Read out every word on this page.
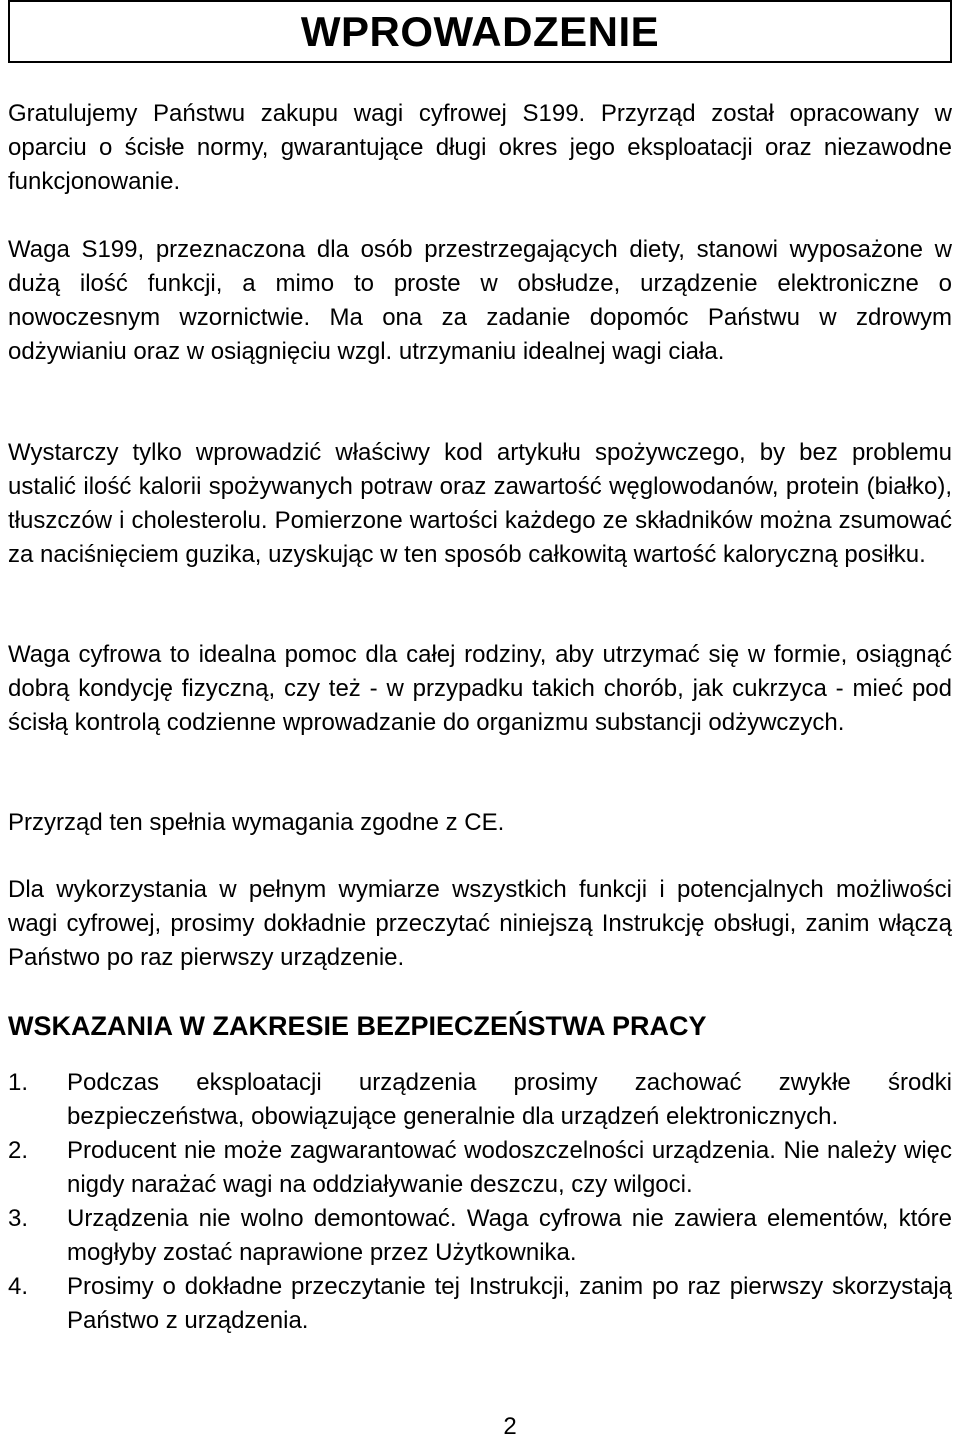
WPROWADZENIE

Gratulujemy Państwu zakupu wagi cyfrowej S199. Przyrząd został opracowany w oparciu o ścisłe normy, gwarantujące długi okres jego eksploatacji oraz niezawodne funkcjonowanie.

Waga S199, przeznaczona dla osób przestrzegających diety, stanowi wyposażone w dużą ilość funkcji, a mimo to proste w obsłudze, urządzenie elektroniczne o nowoczesnym wzornictwie. Ma ona za zadanie dopomóc Państwu w zdrowym odżywianiu oraz w osiągnięciu wzgl. utrzymaniu idealnej wagi ciała.

Wystarczy tylko wprowadzić właściwy kod artykułu spożywczego, by bez problemu ustalić ilość kalorii spożywanych potraw oraz zawartość węglowodanów, protein (białko), tłuszczów i cholesterolu. Pomierzone wartości każdego ze składników można zsumować za naciśnięciem guzika, uzyskując w ten sposób całkowitą wartość kaloryczną posiłku.

Waga cyfrowa to idealna pomoc dla całej rodziny, aby utrzymać się w formie, osiągnąć dobrą kondycję fizyczną, czy też - w przypadku takich chorób, jak cukrzyca - mieć pod ścisłą kontrolą codzienne wprowadzanie do organizmu substancji odżywczych.

Przyrząd ten spełnia wymagania zgodne z CE.

Dla wykorzystania w pełnym wymiarze wszystkich funkcji i potencjalnych możliwości wagi cyfrowej, prosimy dokładnie przeczytać niniejszą Instrukcję obsługi, zanim włączą Państwo po raz pierwszy urządzenie.

WSKAZANIA W ZAKRESIE BEZPIECZEŃSTWA PRACY
1.	Podczas eksploatacji urządzenia prosimy zachować zwykłe środki bezpieczeństwa, obowiązujące generalnie dla urządzeń elektronicznych.
2.	Producent nie może zagwarantować wodoszczelności urządzenia. Nie należy więc nigdy narażać wagi na oddziaływanie deszczu, czy wilgoci.
3.	Urządzenia nie wolno demontować. Waga cyfrowa nie zawiera elementów, które mogłyby zostać naprawione przez Użytkownika.
4.	Prosimy o dokładne przeczytanie tej Instrukcji, zanim po raz pierwszy skorzystają Państwo z urządzenia.
2
